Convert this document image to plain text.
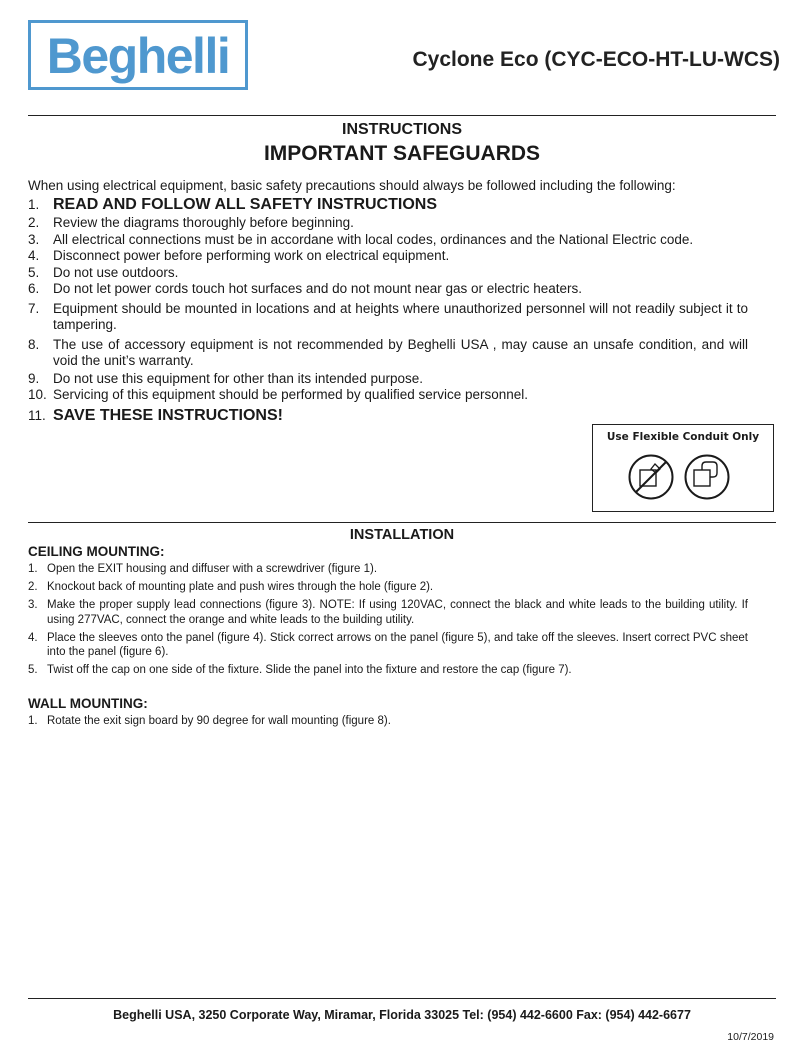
Beghelli	Cyclone Eco (CYC-ECO-HT-LU-WCS)
INSTRUCTIONS
IMPORTANT SAFEGUARDS
When using electrical equipment, basic safety precautions should always be followed including the following:
1. READ AND FOLLOW ALL SAFETY INSTRUCTIONS
2.	Review the diagrams thoroughly before beginning.
3.	All electrical connections must be in accordane with local codes, ordinances and the National Electric code.
4.	Disconnect power before performing work on electrical equipment.
5.	Do not use outdoors.
6.	Do not let power cords touch hot surfaces and do not mount near gas or electric heaters.
7.	Equipment should be mounted in locations and at heights where unauthorized personnel will not readily subject it to tampering.
8.	The use of accessory equipment is not recommended by Beghelli USA , may cause an unsafe condition, and will void the unit’s warranty.
9.	Do not use this equipment for other than its intended purpose.
10. Servicing of this equipment should be performed by qualified service personnel.
11. SAVE THESE INSTRUCTIONS!
Use Flexible Conduit Only
INSTALLATION
CEILING MOUNTING:
1. Open the EXIT housing and diffuser with a screwdriver (figure 1).
2. Knockout back of mounting plate and push wires through the hole (figure 2).
3. Make the proper supply lead connections (figure 3). NOTE: If using 120VAC, connect the black and white leads to the building utility. If using 277VAC, connect the orange and white leads to the building utility.
4. Place the sleeves onto the panel (figure 4). Stick correct arrows on the panel (figure 5), and take off the sleeves. Insert correct PVC sheet into the panel (figure 6).
5. Twist off the cap on one side of the fixture. Slide the panel into the fixture and restore the cap (figure 7).
WALL MOUNTING:
1. Rotate the exit sign board by 90 degree for wall mounting (figure 8).
Beghelli USA, 3250 Corporate Way, Miramar, Florida 33025 Tel: (954) 442-6600 Fax: (954) 442-6677
10/7/2019
